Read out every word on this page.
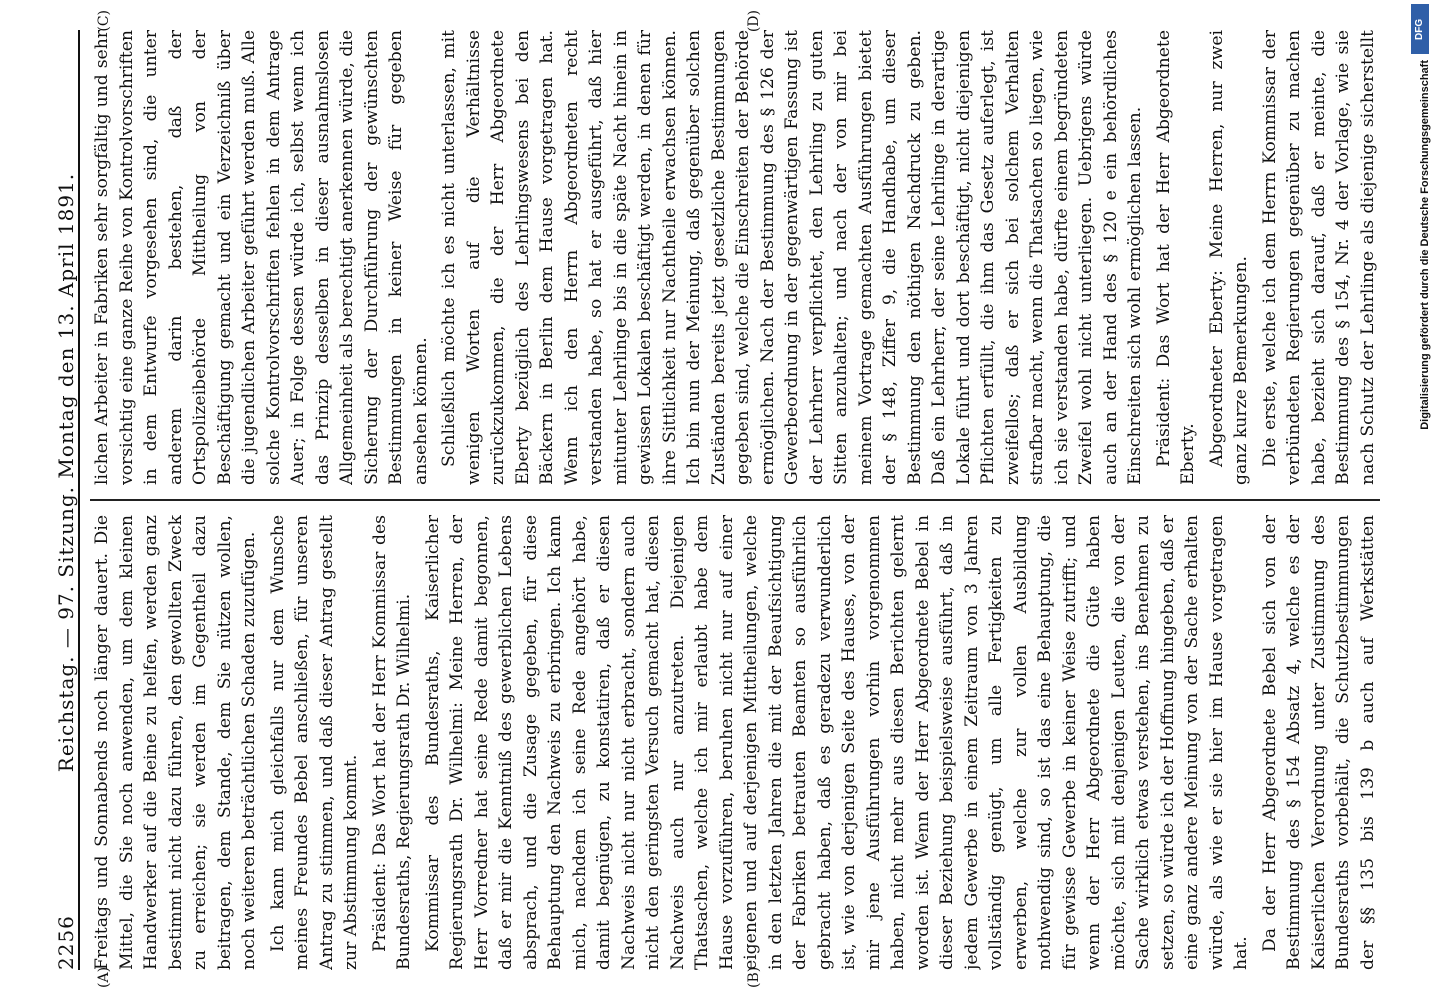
2256
Reichstag. — 97. Sitzung. Montag den 13. April 1891.
(A)	(B)
(C)	(D)

Freitags und Sonnabends noch länger dauert. Die Mittel, die Sie noch anwenden, um dem kleinen Handwerker auf die Beine zu helfen, werden ganz bestimmt nicht dazu führen, den gewollten Zweck zu erreichen; sie werden im Gegentheil dazu beitragen, dem Stande, dem Sie nützen wollen, noch weiteren beträchtlichen Schaden zuzufügen. Ich kann mich gleichfalls nur dem Wunsche meines Freundes Bebel anschließen, für unseren Antrag zu stimmen, und daß dieser Antrag gestellt zur Abstimmung kommt. Präsident: Das Wort hat der Herr Kommissar des Bundesraths, Regierungsrath Dr. Wilhelmi. Kommissar des Bundesraths, Kaiserlicher Regierungsrath Dr. Wilhelmi: Meine Herren, der Herr Vorredner hat seine Rede damit begonnen, daß er mir die Kenntniß des gewerblichen Lebens absprach, und die Zusage gegeben, für diese Behauptung den Nachweis zu erbringen. Ich kann mich, nachdem ich seine Rede angehört habe, damit begnügen, zu konstatiren, daß er diesen Nachweis nicht nur nicht erbracht, sondern auch nicht den geringsten Versuch gemacht hat, diesen Nachweis auch nur anzutreten. Diejenigen Thatsachen, welche ich mir erlaubt habe dem Hause vorzuführen, beruhen nicht nur auf einer eigenen und auf derjenigen Mittheilungen, welche in den letzten Jahren die mit der Beaufsichtigung der Fabriken betrauten Beamten so ausführlich gebracht haben, daß es geradezu verwunderlich ist, wie von derjenigen Seite des Hauses, von der mir jene Ausführungen vorhin vorgenommen haben, nicht mehr aus diesen Berichten gelernt worden ist. Wenn der Herr Abgeordnete Bebel in dieser Beziehung beispielsweise ausführt, daß in jedem Gewerbe in einem Zeitraum von 3 Jahren vollständig genügt, um alle Fertigkeiten zu erwerben, welche zur vollen Ausbildung nothwendig sind, so ist das eine Behauptung, die für gewisse Gewerbe in keiner Weise zutrifft; und wenn der Herr Abgeordnete die Güte haben möchte, sich mit denjenigen Leuten, die von der Sache wirklich etwas verstehen, ins Benehmen zu setzen, so würde ich der Hoffnung hingeben, daß er eine ganz andere Meinung von der Sache erhalten würde, als wie er sie hier im Hause vorgetragen hat. Da der Herr Abgeordnete Bebel sich von der Bestimmung des § 154 Absatz 4, welche es der Kaiserlichen Verordnung unter Zustimmung des Bundesraths vorbehält, die Schutzbestimmungen der §§ 135 bis 139 b auch auf Werkstätten

lichen Arbeiter in Fabriken sehr sorgfältig und sehr vorsichtig eine ganze Reihe von Kontrolvorschriften in dem Entwurfe vorgesehen sind, die unter anderem darin bestehen, daß der Ortspolizeibehörde Mittheilung von der Beschäftigung gemacht und ein Verzeichniß über die jugendlichen Arbeiter geführt werden muß. Alle solche Kontrolvorschriften fehlen in dem Antrage Auer; in Folge dessen würde ich, selbst wenn ich das Prinzip desselben in dieser ausnahmslosen Allgemeinheit als berechtigt anerkennen würde, die Sicherung der Durchführung der gewünschten Bestimmungen in keiner Weise für gegeben ansehen können. Schließlich möchte ich es nicht unterlassen, mit wenigen Worten auf die Verhältnisse zurückzukommen, die der Herr Abgeordnete Eberty bezüglich des Lehrlingswesens bei den Bäckern in Berlin dem Hause vorgetragen hat. Wenn ich den Herrn Abgeordneten recht verstanden habe, so hat er ausgeführt, daß hier mitunter Lehrlinge bis in die späte Nacht hinein in gewissen Lokalen beschäftigt werden, in denen für ihre Sittlichkeit nur Nachtheile erwachsen können. Ich bin nun der Meinung, daß gegenüber solchen Zuständen bereits jetzt gesetzliche Bestimmungen gegeben sind, welche die Einschreiten der Behörde ermöglichen. Nach der Bestimmung des § 126 der Gewerbeordnung in der gegenwärtigen Fassung ist der Lehrherr verpflichtet, den Lehrling zu guten Sitten anzuhalten; und nach der von mir bei meinem Vortrage gemachten Ausführungen bietet der § 148, Ziffer 9, die Handhabe, um dieser Bestimmung den nöthigen Nachdruck zu geben. Daß ein Lehrherr, der seine Lehrlinge in derartige Lokale führt und dort beschäftigt, nicht diejenigen Pflichten erfüllt, die ihm das Gesetz auferlegt, ist zweifellos; daß er sich bei solchem Verhalten strafbar macht, wenn die Thatsachen so liegen, wie ich sie verstanden habe, dürfte einem begründeten Zweifel wohl nicht unterliegen. Uebrigens würde auch an der Hand des § 120 e ein behördliches Einschreiten sich wohl ermöglichen lassen. Präsident: Das Wort hat der Herr Abgeordnete Eberty. Abgeordneter Eberty: Meine Herren, nur zwei ganz kurze Bemerkungen. Die erste, welche ich dem Herrn Kommissar der verbündeten Regierungen gegenüber zu machen habe, bezieht sich darauf, daß er meinte, die Bestimmung des § 154, Nr. 4 der Vorlage, wie sie nach Schutz der Lehrlinge als diejenige sicherstellt

DFG
Digitalisierung gefördert durch die Deutsche Forschungsgemeinschaft
